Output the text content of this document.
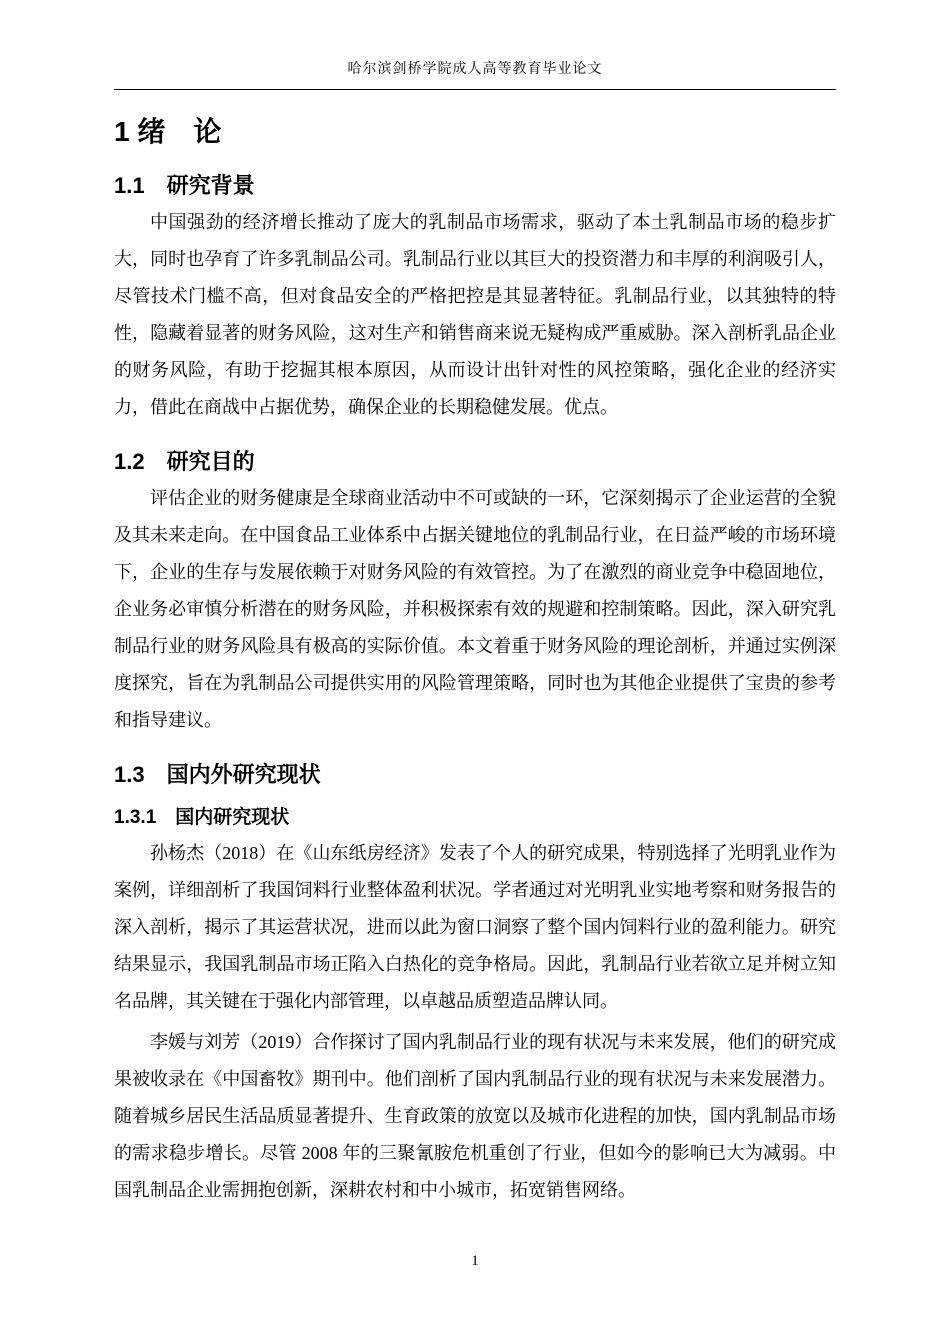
哈尔滨剑桥学院成人高等教育毕业论文
1 绪　论
1.1　研究背景

中国强劲的经济增长推动了庞大的乳制品市场需求，驱动了本土乳制品市场的稳步扩大，同时也孕育了许多乳制品公司。乳制品行业以其巨大的投资潜力和丰厚的利润吸引人，尽管技术门槛不高，但对食品安全的严格把控是其显著特征。乳制品行业，以其独特的特性，隐藏着显著的财务风险，这对生产和销售商来说无疑构成严重威胁。深入剖析乳品企业的财务风险，有助于挖掘其根本原因，从而设计出针对性的风控策略，强化企业的经济实力，借此在商战中占据优势，确保企业的长期稳健发展。优点。

1.2　研究目的

评估企业的财务健康是全球商业活动中不可或缺的一环，它深刻揭示了企业运营的全貌及其未来走向。在中国食品工业体系中占据关键地位的乳制品行业，在日益严峻的市场环境下，企业的生存与发展依赖于对财务风险的有效管控。为了在激烈的商业竞争中稳固地位，企业务必审慎分析潜在的财务风险，并积极探索有效的规避和控制策略。因此，深入研究乳制品行业的财务风险具有极高的实际价值。本文着重于财务风险的理论剖析，并通过实例深度探究，旨在为乳制品公司提供实用的风险管理策略，同时也为其他企业提供了宝贵的参考和指导建议。

1.3　国内外研究现状
1.3.1　国内研究现状

孙杨杰（2018）在《山东纸房经济》发表了个人的研究成果，特别选择了光明乳业作为案例，详细剖析了我国饲料行业整体盈利状况。学者通过对光明乳业实地考察和财务报告的深入剖析，揭示了其运营状况，进而以此为窗口洞察了整个国内饲料行业的盈利能力。研究结果显示，我国乳制品市场正陷入白热化的竞争格局。因此，乳制品行业若欲立足并树立知名品牌，其关键在于强化内部管理，以卓越品质塑造品牌认同。

李媛与刘芳（2019）合作探讨了国内乳制品行业的现有状况与未来发展，他们的研究成果被收录在《中国畜牧》期刊中。他们剖析了国内乳制品行业的现有状况与未来发展潜力。随着城乡居民生活品质显著提升、生育政策的放宽以及城市化进程的加快，国内乳制品市场的需求稳步增长。尽管 2008 年的三聚氰胺危机重创了行业，但如今的影响已大为减弱。中国乳制品企业需拥抱创新，深耕农村和中小城市，拓宽销售网络。

1
